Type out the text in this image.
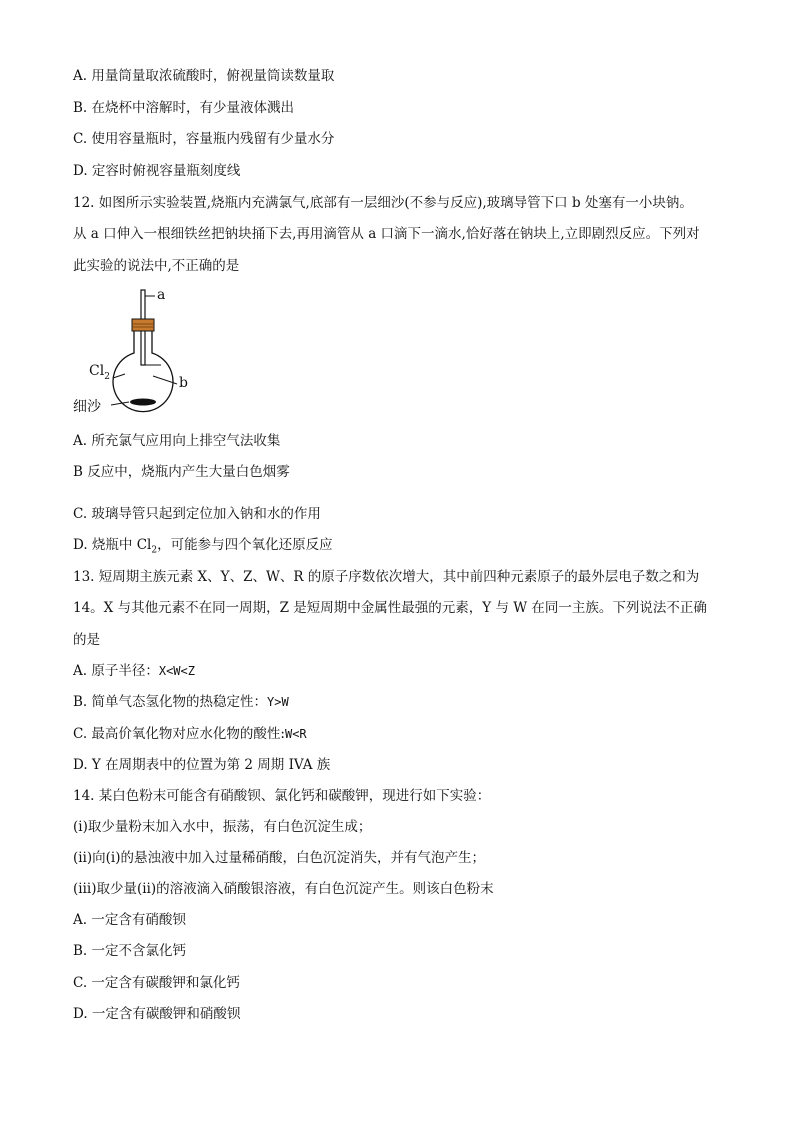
A. 用量筒量取浓硫酸时，俯视量筒读数量取
B. 在烧杯中溶解时，有少量液体溅出
C. 使用容量瓶时，容量瓶内残留有少量水分
D. 定容时俯视容量瓶刻度线
12. 如图所示实验装置,烧瓶内充满氯气,底部有一层细沙(不参与反应),玻璃导管下口 b 处塞有一小块钠。
从 a 口伸入一根细铁丝把钠块捅下去,再用滴管从 a 口滴下一滴水,恰好落在钠块上,立即剧烈反应。下列对
此实验的说法中,不正确的是
a
b
$Cl_2$
细沙
A. 所充氯气应用向上排空气法收集
B 反应中，烧瓶内产生大量白色烟雾
C. 玻璃导管只起到定位加入钠和水的作用
D. 烧瓶中 $Cl_2$，可能参与四个氧化还原反应
13. 短周期主族元素 X、Y、Z、W、R 的原子序数依次增大，其中前四种元素原子的最外层电子数之和为
14。X 与其他元素不在同一周期，Z 是短周期中金属性最强的元素，Y 与 W 在同一主族。下列说法不正确
的是
A. 原子半径：X<W<Z
B. 简单气态氢化物的热稳定性：Y>W
C. 最高价氧化物对应水化物的酸性:W<R
D. Y 在周期表中的位置为第 2 周期 IVA 族
14. 某白色粉末可能含有硝酸钡、氯化钙和碳酸钾，现进行如下实验：
(ⅰ)取少量粉末加入水中，振荡，有白色沉淀生成；
(ⅱ)向(ⅰ)的悬浊液中加入过量稀硝酸，白色沉淀消失，并有气泡产生；
(ⅲ)取少量(ⅱ)的溶液滴入硝酸银溶液，有白色沉淀产生。则该白色粉末
A. 一定含有硝酸钡
B. 一定不含氯化钙
C. 一定含有碳酸钾和氯化钙
D. 一定含有碳酸钾和硝酸钡
